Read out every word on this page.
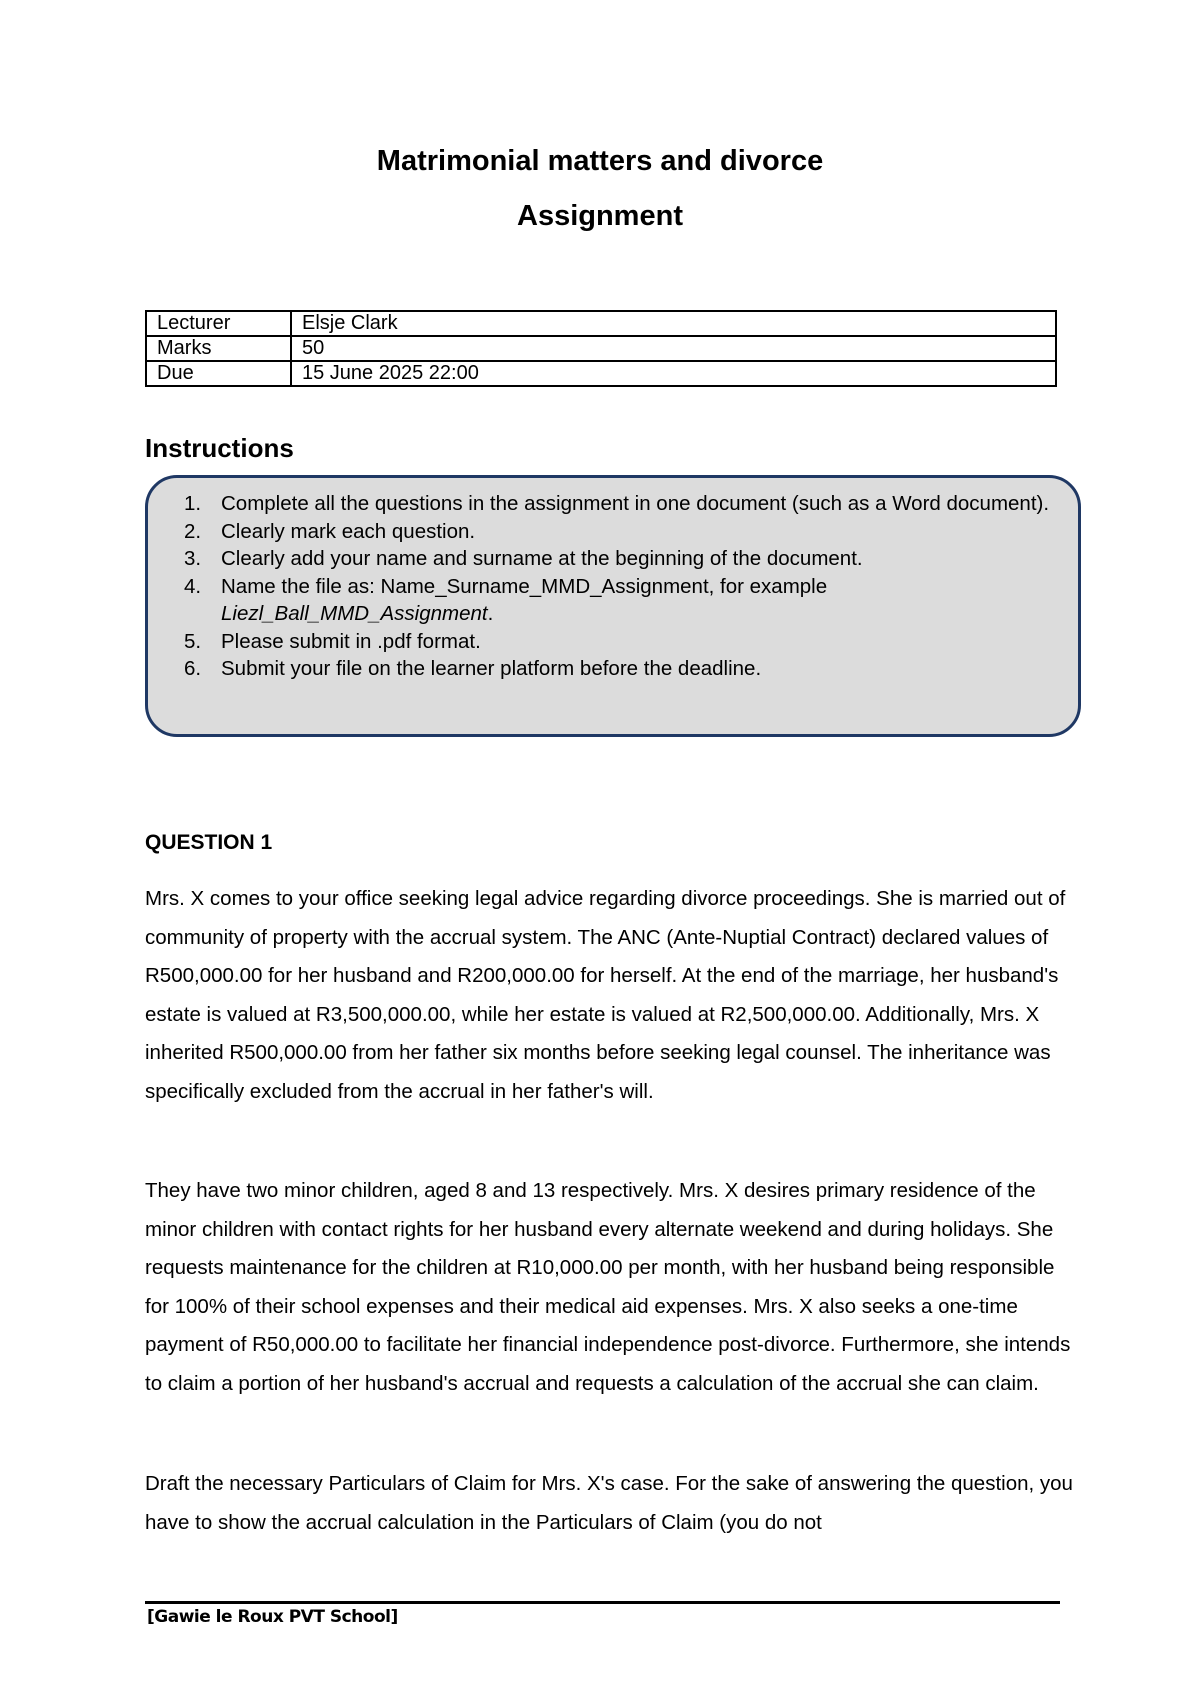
Matrimonial matters and divorce
Assignment
Lecturer	Elsje Clark
Marks	50
Due	15 June 2025 22:00
Instructions
1. Complete all the questions in the assignment in one document (such as a Word document).
2. Clearly mark each question.
3. Clearly add your name and surname at the beginning of the document.
4. Name the file as: Name_Surname_MMD_Assignment, for example
Liezl_Ball_MMD_Assignment.
5. Please submit in .pdf format.
6. Submit your file on the learner platform before the deadline.
QUESTION 1

Mrs. X comes to your office seeking legal advice regarding divorce proceedings. She is married out of community of property with the accrual system. The ANC (Ante-Nuptial Contract) declared values of R500,000.00 for her husband and R200,000.00 for herself. At the end of the marriage, her husband's estate is valued at R3,500,000.00, while her estate is valued at R2,500,000.00. Additionally, Mrs. X inherited R500,000.00 from her father six months before seeking legal counsel. The inheritance was specifically excluded from the accrual in her father's will.

They have two minor children, aged 8 and 13 respectively. Mrs. X desires primary residence of the minor children with contact rights for her husband every alternate weekend and during holidays. She requests maintenance for the children at R10,000.00 per month, with her husband being responsible for 100% of their school expenses and their medical aid expenses. Mrs. X also seeks a one-time payment of R50,000.00 to facilitate her financial independence post-divorce. Furthermore, she intends to claim a portion of her husband's accrual and requests a calculation of the accrual she can claim.

Draft the necessary Particulars of Claim for Mrs. X's case. For the sake of answering the question, you have to show the accrual calculation in the Particulars of Claim (you do not

[Gawie le Roux PVT School]
